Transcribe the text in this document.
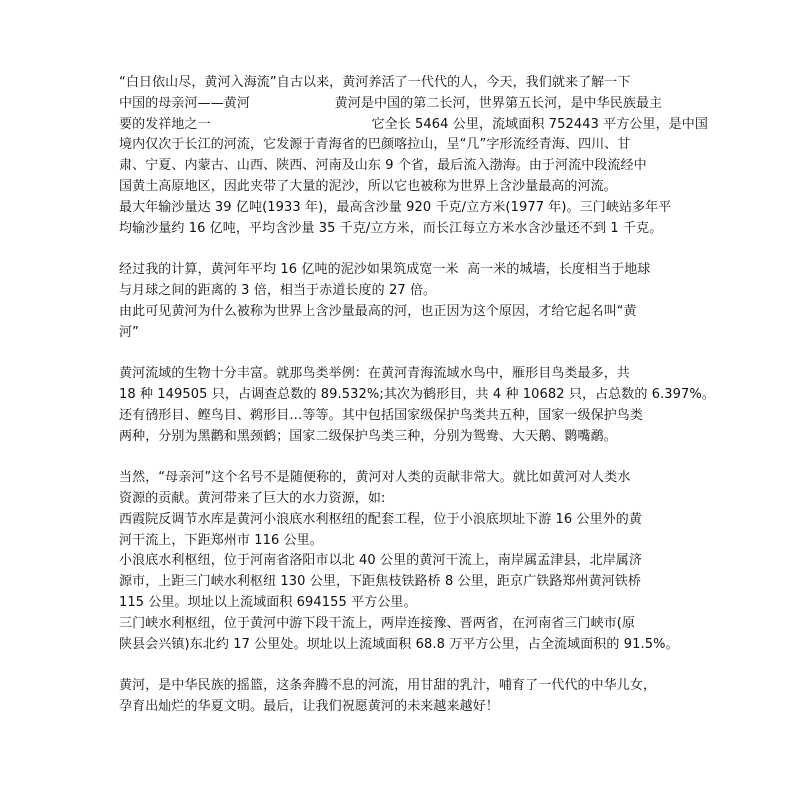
“白日依山尽，黄河入海流”自古以来，黄河养活了一代代的人，今天，我们就来了解一下
中国的母亲河——黄河                    黄河是中国的第二长河，世界第五长河，是中华民族最主
要的发祥地之一                                      它全长 5464 公里，流域面积 752443 平方公里，是中国
境内仅次于长江的河流，它发源于青海省的巴颜喀拉山，呈“几”字形流经青海、四川、甘
肃、宁夏、内蒙古、山西、陕西、河南及山东 9 个省，最后流入渤海。由于河流中段流经中
国黄土高原地区，因此夹带了大量的泥沙，所以它也被称为世界上含沙量最高的河流。
最大年输沙量达 39 亿吨(1933 年)，最高含沙量 920 千克/立方米(1977 年)。三门峡站多年平
均输沙量约 16 亿吨，平均含沙量 35 千克/立方米，而长江每立方米水含沙量还不到 1 千克。
经过我的计算，黄河年平均 16 亿吨的泥沙如果筑成宽一米  高一米的城墙，长度相当于地球
与月球之间的距离的 3 倍，相当于赤道长度的 27 倍。
由此可见黄河为什么被称为世界上含沙量最高的河，也正因为这个原因，才给它起名叫“黄
河”
黄河流域的生物十分丰富。就那鸟类举例：在黄河青海流域水鸟中，雁形目鸟类最多，共
18 种 149505 只，占调查总数的 89.532%;其次为鹤形目，共 4 种 10682 只，占总数的 6.397%。
还有鸻形目、鲣鸟目、鹈形目…等等。其中包括国家级保护鸟类共五种，国家一级保护鸟类
两种，分别为黑鹳和黑颈鹤；国家二级保护鸟类三种，分别为鸳鸯、大天鹅、鹮嘴鹬。
当然，“母亲河”这个名号不是随便称的，黄河对人类的贡献非常大。就比如黄河对人类水
资源的贡献。黄河带来了巨大的水力资源，如:
西霞院反调节水库是黄河小浪底水利枢纽的配套工程，位于小浪底坝址下游 16 公里外的黄
河干流上，下距郑州市 116 公里。
小浪底水利枢纽，位于河南省洛阳市以北 40 公里的黄河干流上，南岸属孟津县，北岸属济
源市，上距三门峡水利枢纽 130 公里，下距焦枝铁路桥 8 公里，距京广铁路郑州黄河铁桥
115 公里。坝址以上流域面积 694155 平方公里。
三门峡水利枢纽，位于黄河中游下段干流上，两岸连接豫、晋两省，在河南省三门峡市(原
陕县会兴镇)东北约 17 公里处。坝址以上流域面积 68.8 万平方公里，占全流域面积的 91.5%。
黄河，是中华民族的摇篮，这条奔腾不息的河流，用甘甜的乳汁，哺育了一代代的中华儿女，
孕育出灿烂的华夏文明。最后，让我们祝愿黄河的未来越来越好！
